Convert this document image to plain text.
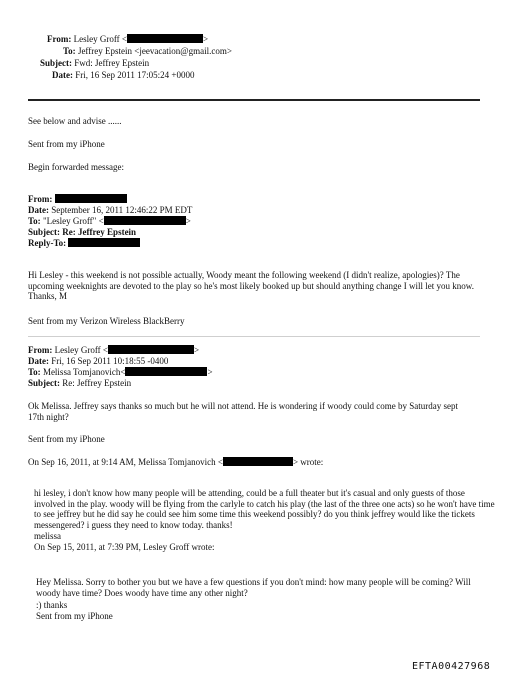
From: Lesley Groff <	>
To: Jeffrey Epstein <jeevacation@gmail.com>
Subject: Fwd: Jeffrey Epstein
Date: Fri, 16 Sep 2011 17:05:24 +0000
See below and advise ......
Sent from my iPhone
Begin forwarded message:
From:
Date: September 16, 2011 12:46:22 PM EDT
To: "Lesley Groff" <	>
Subject: Re: Jeffrey Epstein
Reply-To:
Hi Lesley - this weekend is not possible actually, Woody meant the following weekend (I didn't realize, apologies)? The upcoming weeknights are devoted to the play so he's most likely booked up but should anything change I will let you know. Thanks, M
Sent from my Verizon Wireless BlackBerry
From: Lesley Groff <	>
Date: Fri, 16 Sep 2011 10:18:55 -0400
To: Melissa Tomjanovich<	>
Subject: Re: Jeffrey Epstein
Ok Melissa. Jeffrey says thanks so much but he will not attend. He is wondering if woody could come by Saturday sept 17th night?
Sent from my iPhone
On Sep 16, 2011, at 9:14 AM, Melissa Tomjanovich <	> wrote:
hi lesley, i don't know how many people will be attending, could be a full theater but it's casual and only guests of those involved in the play. woody will be flying from the carlyle to catch his play (the last of the three one acts) so he won't have time to see jeffrey but he did say he could see him some time this weekend possibly? do you think jeffrey would like the tickets messengered? i guess they need to know today. thanks!
melissa
On Sep 15, 2011, at 7:39 PM, Lesley Groff wrote:
Hey Melissa. Sorry to bother you but we have a few questions if you don't mind: how many people will be coming? Will woody have time? Does woody have time any other night?
:) thanks
Sent from my iPhone
EFTA00427968
